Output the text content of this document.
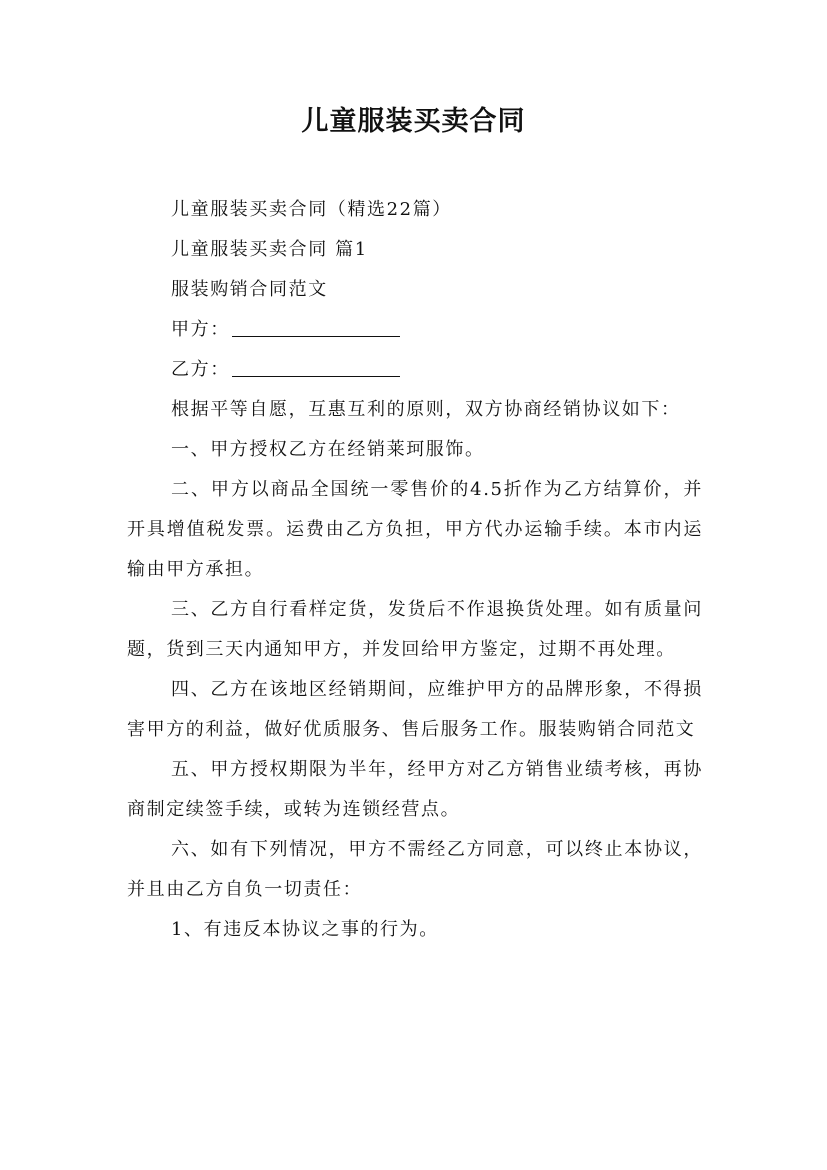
儿童服装买卖合同

儿童服装买卖合同（精选22篇）

儿童服装买卖合同 篇1

服装购销合同范文

甲方：

乙方：

根据平等自愿，互惠互利的原则，双方协商经销协议如下：

一、甲方授权乙方在经销莱珂服饰。

二、甲方以商品全国统一零售价的4.5折作为乙方结算价，并开具增值税发票。运费由乙方负担，甲方代办运输手续。本市内运输由甲方承担。

三、乙方自行看样定货，发货后不作退换货处理。如有质量问题，货到三天内通知甲方，并发回给甲方鉴定，过期不再处理。

四、乙方在该地区经销期间，应维护甲方的品牌形象，不得损害甲方的利益，做好优质服务、售后服务工作。服装购销合同范文

五、甲方授权期限为半年，经甲方对乙方销售业绩考核，再协商制定续签手续，或转为连锁经营点。

六、如有下列情况，甲方不需经乙方同意，可以终止本协议，并且由乙方自负一切责任：

1、有违反本协议之事的行为。
